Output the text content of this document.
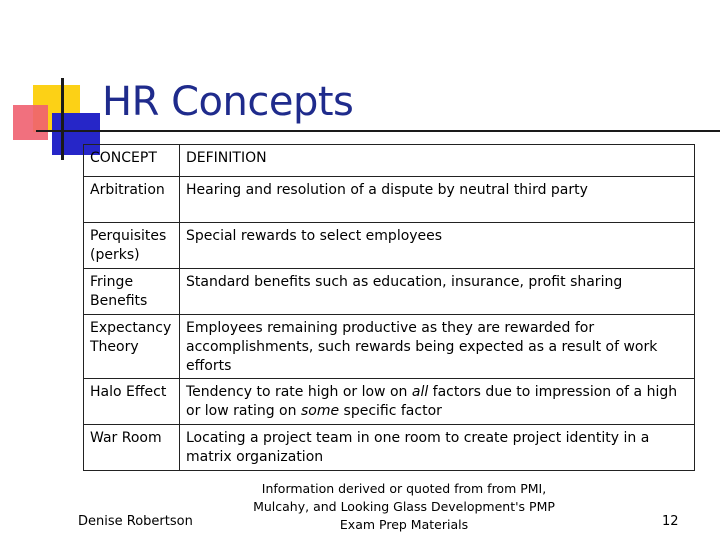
HR Concepts
CONCEPT	DEFINITION
Arbitration	Hearing and resolution of a dispute by neutral third party
Perquisites (perks)	Special rewards to select employees
Fringe Benefits	Standard benefits such as education, insurance, profit sharing
Expectancy Theory	Employees remaining productive as they are rewarded for accomplishments, such rewards being expected as a result of work efforts
Halo Effect	Tendency to rate high or low on all factors due to impression of a high or low rating on some specific factor
War Room	Locating a project team in one room to create project identity in a matrix organization
Denise Robertson
Information derived or quoted from from PMI, Mulcahy, and Looking Glass Development's PMP Exam Prep Materials	12
